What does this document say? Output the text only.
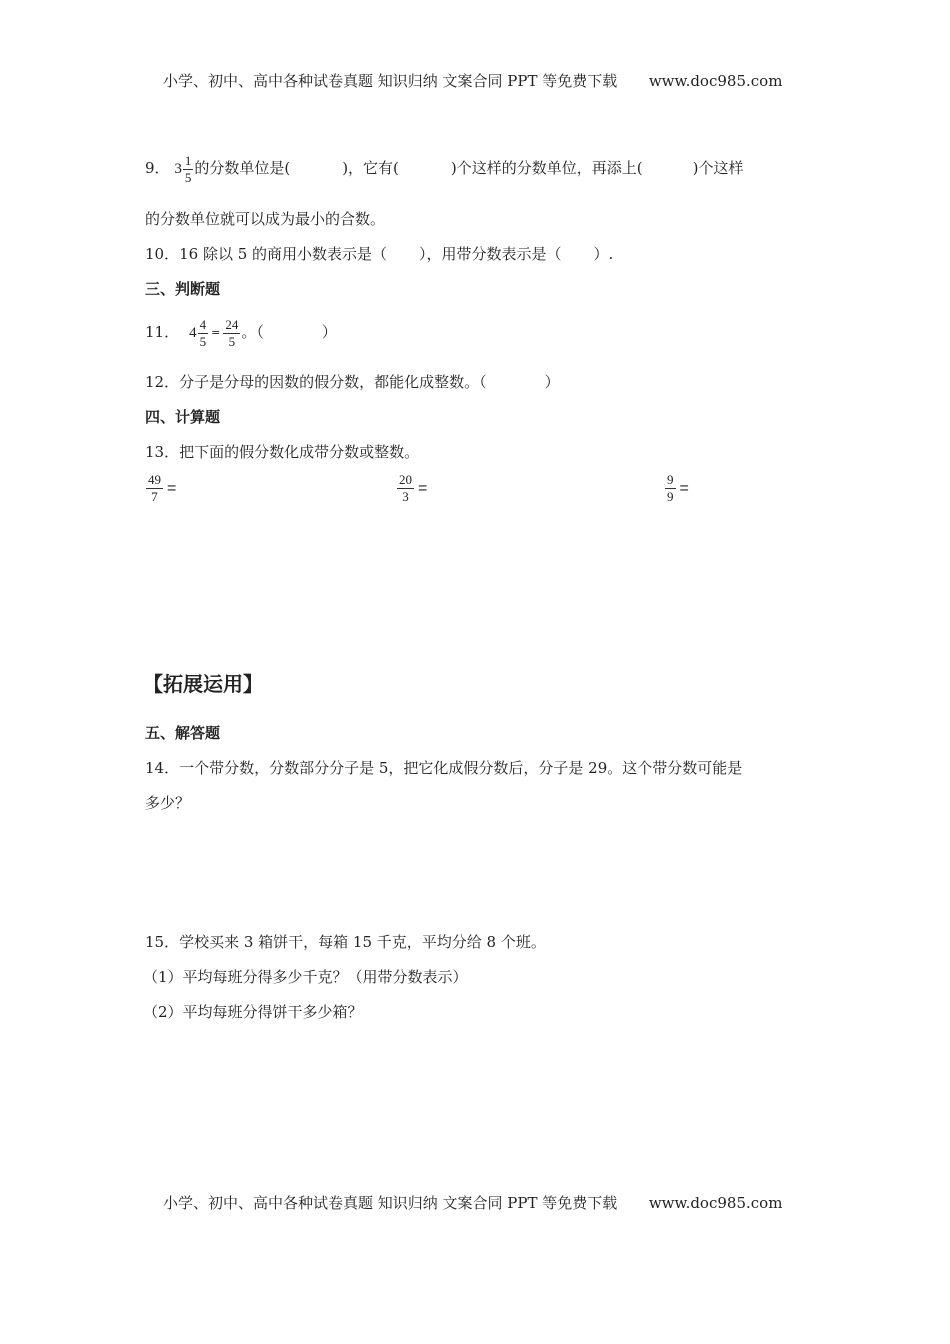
小学、初中、高中各种试卷真题 知识归纳 文案合同 PPT 等免费下载 www.doc985.com
9． $3 \frac{1}{5}$ 的分数单位是(	)，它有(	)个这样的分数单位，再添上(	)个这样
的分数单位就可以成为最小的合数。
10．16 除以 5 的商用小数表示是（ ），用带分数表示是（ ）.
三、判断题
11． $4 \frac{4}{5} = \frac{24}{5}$ 。（	）
12．分子是分母的因数的假分数，都能化成整数。（	）
四、计算题
13．把下面的假分数化成带分数或整数。
$\frac{49}{7}$ =	$\frac{20}{3}$ =	$\frac{9}{9}$ =
【拓展运用】
五、解答题
14．一个带分数，分数部分分子是 5，把它化成假分数后，分子是 29。这个带分数可能是
多少？
15．学校买来 3 箱饼干，每箱 15 千克，平均分给 8 个班。
（1）平均每班分得多少千克？（用带分数表示）
（2）平均每班分得饼干多少箱？
小学、初中、高中各种试卷真题 知识归纳 文案合同 PPT 等免费下载 www.doc985.com
